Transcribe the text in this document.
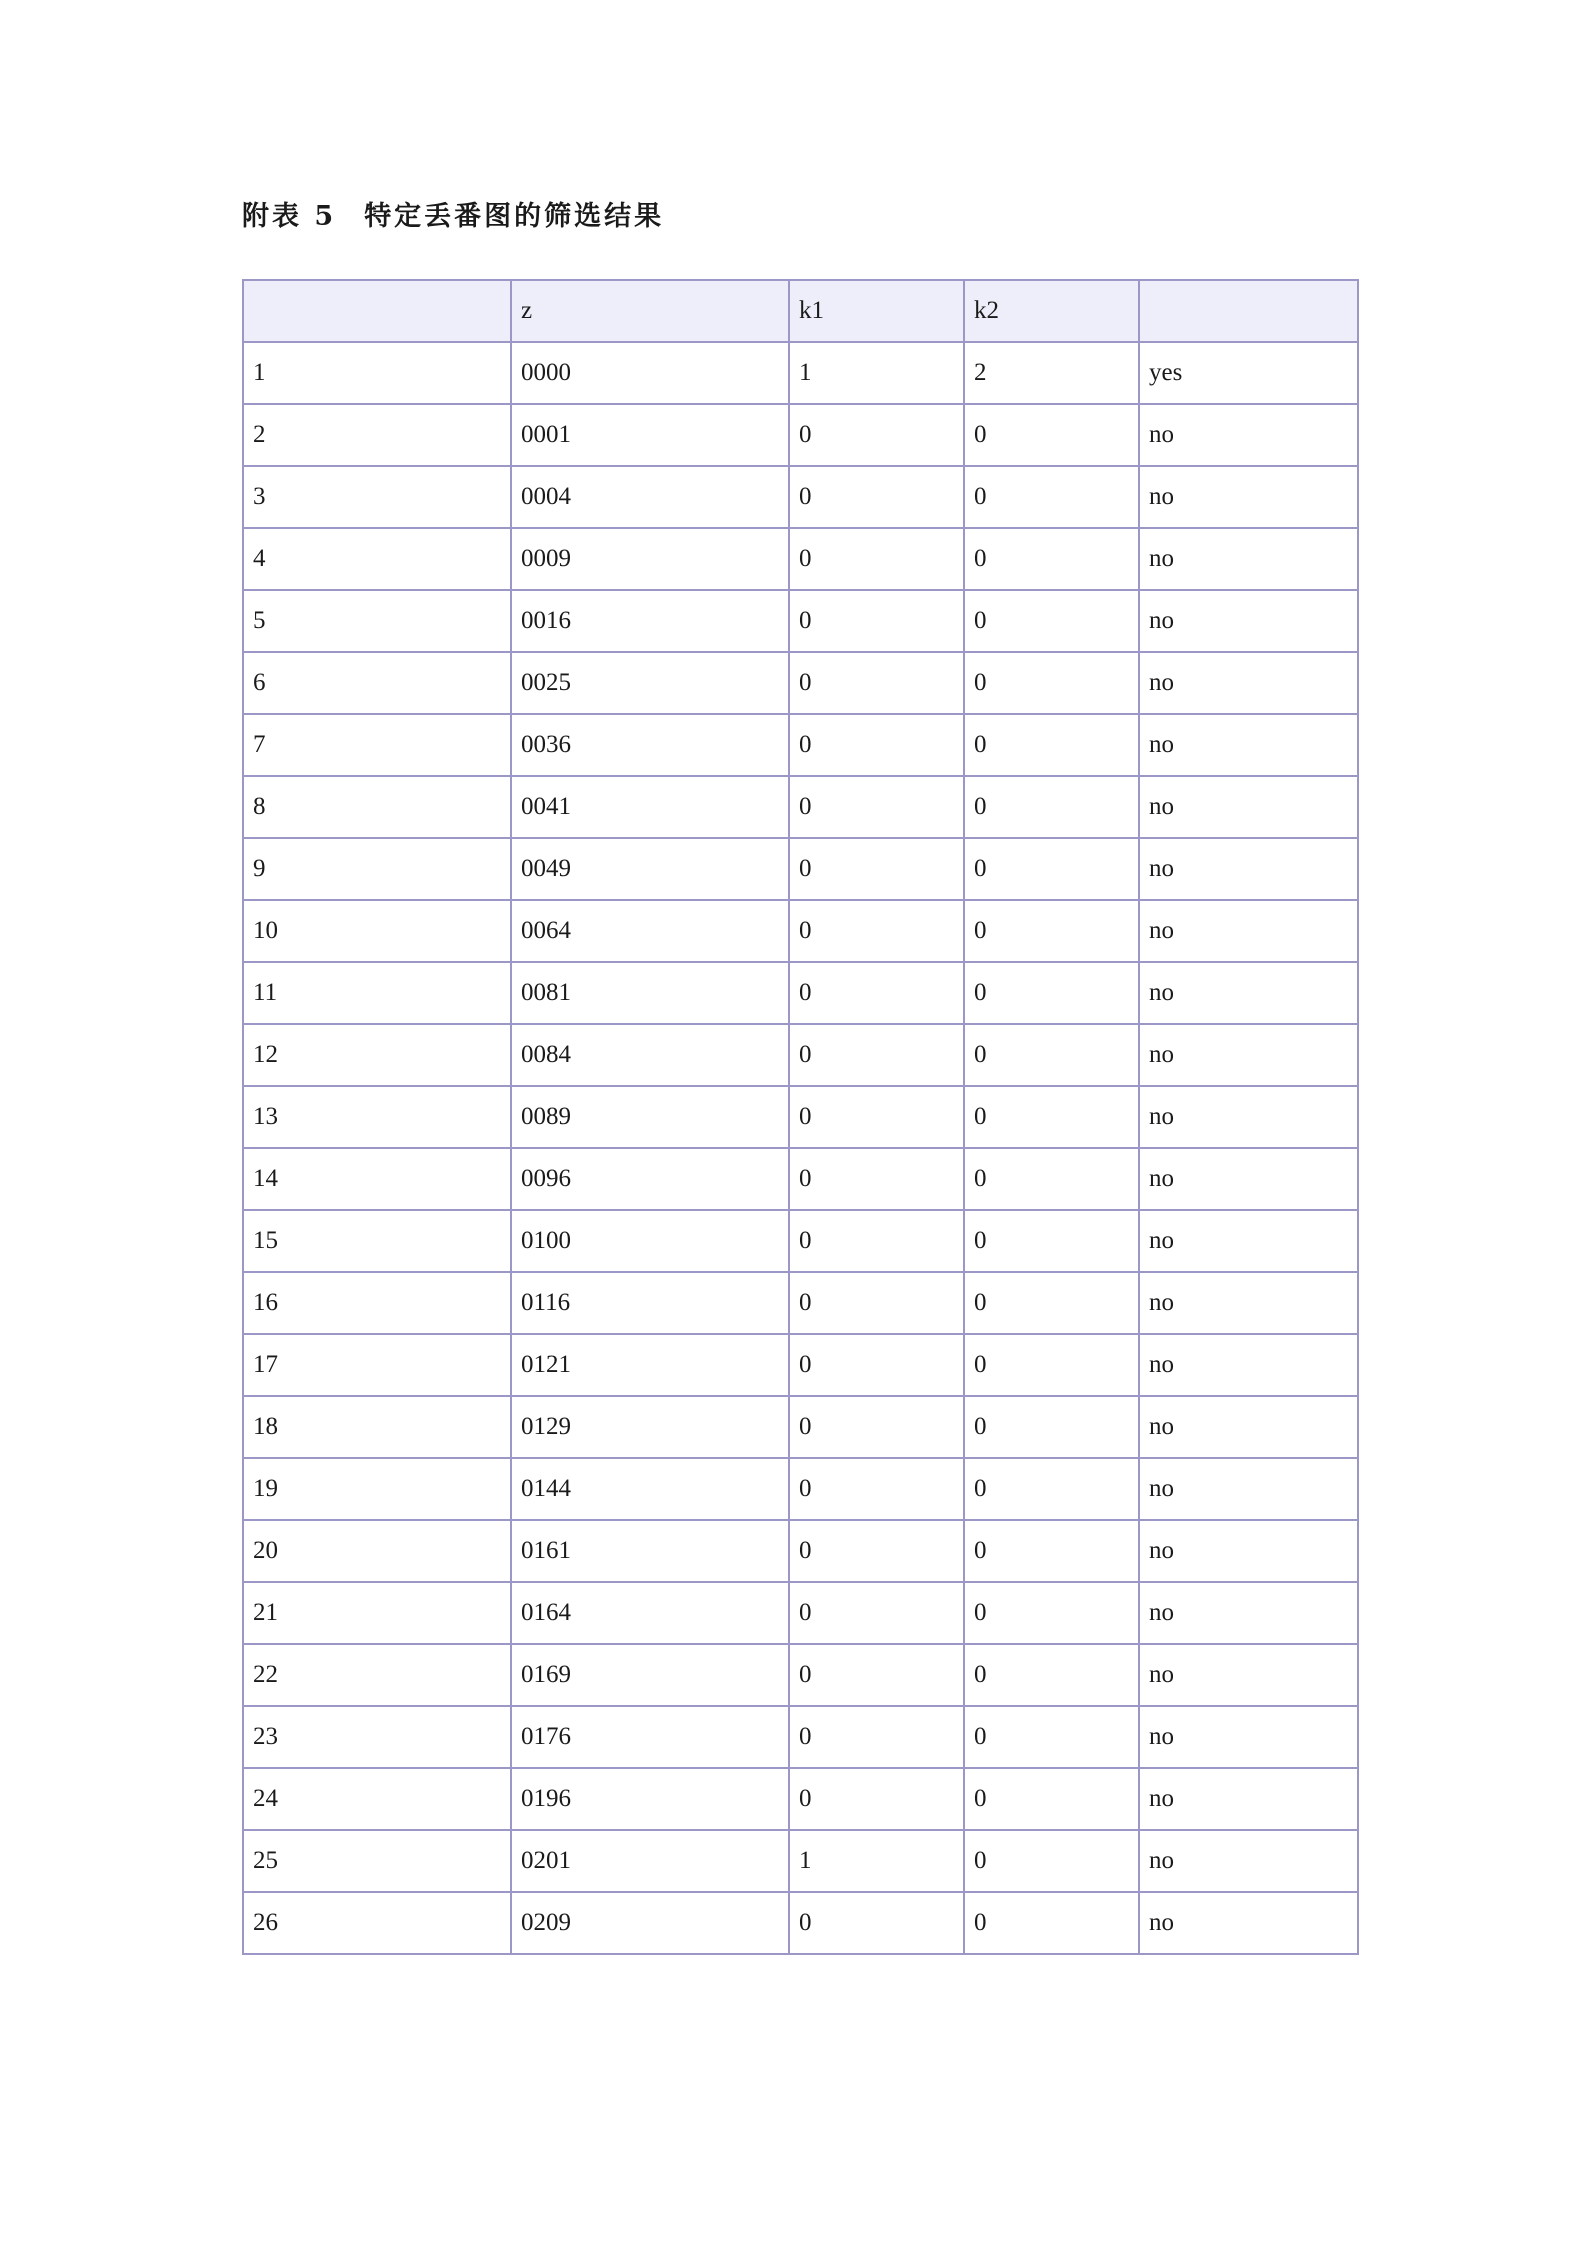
附表 5 特定丢番图的筛选结果
	z	k1	k2	
1	0000	1	2	yes
2	0001	0	0	no
3	0004	0	0	no
4	0009	0	0	no
5	0016	0	0	no
6	0025	0	0	no
7	0036	0	0	no
8	0041	0	0	no
9	0049	0	0	no
10	0064	0	0	no
11	0081	0	0	no
12	0084	0	0	no
13	0089	0	0	no
14	0096	0	0	no
15	0100	0	0	no
16	0116	0	0	no
17	0121	0	0	no
18	0129	0	0	no
19	0144	0	0	no
20	0161	0	0	no
21	0164	0	0	no
22	0169	0	0	no
23	0176	0	0	no
24	0196	0	0	no
25	0201	1	0	no
26	0209	0	0	no
